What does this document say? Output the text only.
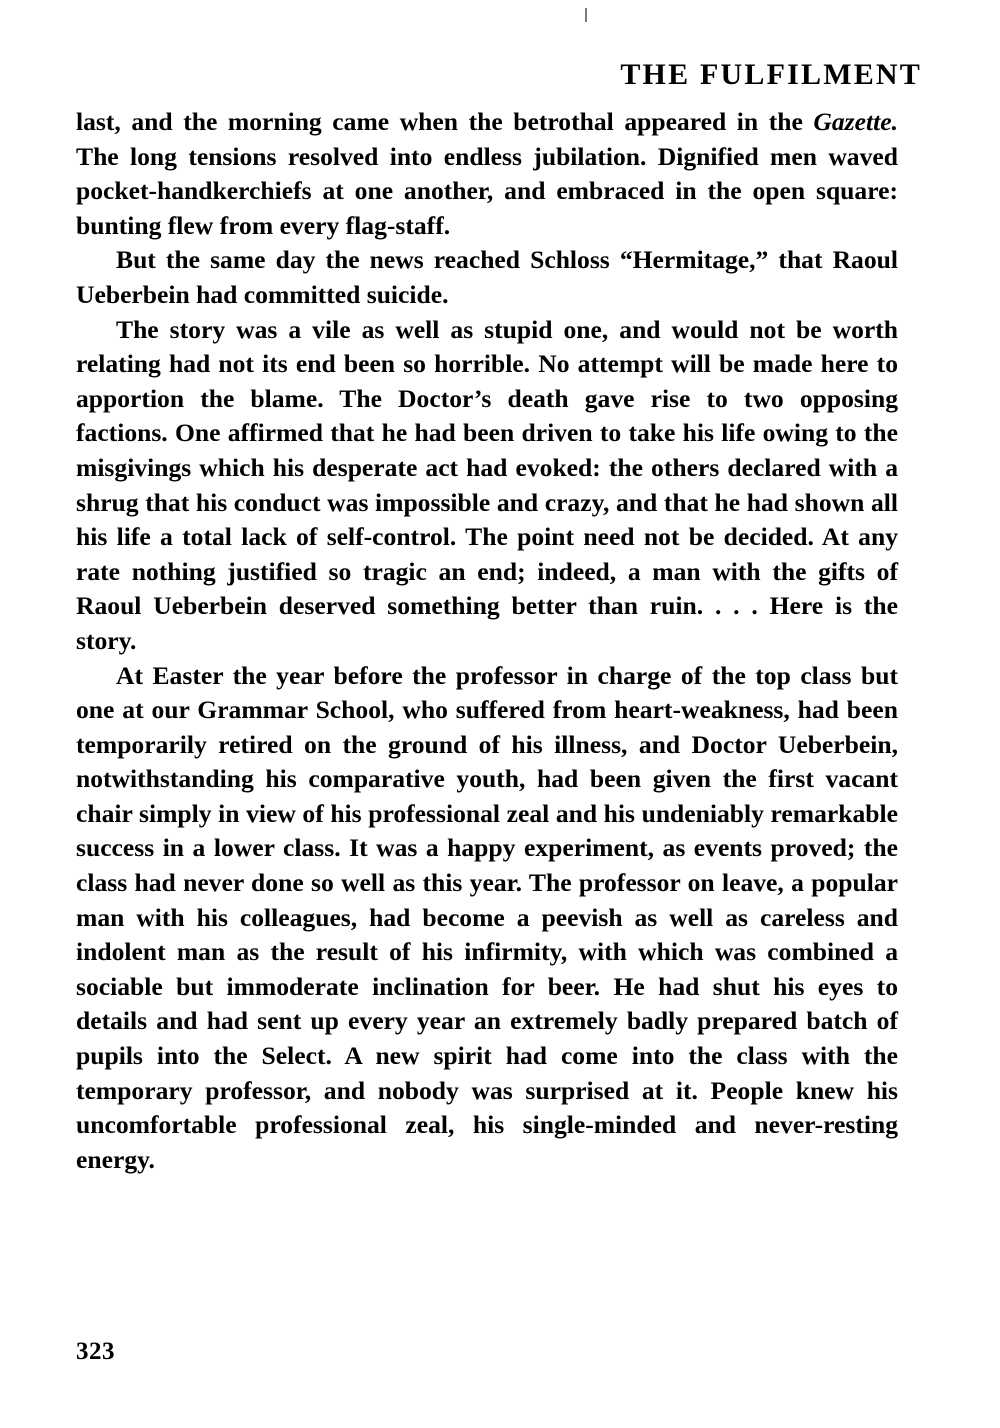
THE FULFILMENT

last, and the morning came when the betrothal appeared in the Gazette. The long tensions resolved into endless jubilation. Dignified men waved pocket-handkerchiefs at one another, and embraced in the open square: bunting flew from every flag-staff.

But the same day the news reached Schloss “Hermitage,” that Raoul Ueberbein had committed suicide.

The story was a vile as well as stupid one, and would not be worth relating had not its end been so horrible. No attempt will be made here to apportion the blame. The Doctor’s death gave rise to two opposing factions. One affirmed that he had been driven to take his life owing to the misgivings which his desperate act had evoked: the others declared with a shrug that his conduct was impossible and crazy, and that he had shown all his life a total lack of self-control. The point need not be decided. At any rate nothing justified so tragic an end; indeed, a man with the gifts of Raoul Ueberbein deserved something better than ruin. . . . Here is the story.

At Easter the year before the professor in charge of the top class but one at our Grammar School, who suffered from heart-weakness, had been temporarily retired on the ground of his illness, and Doctor Ueberbein, notwithstanding his comparative youth, had been given the first vacant chair simply in view of his professional zeal and his undeniably remarkable success in a lower class. It was a happy experiment, as events proved; the class had never done so well as this year. The professor on leave, a popular man with his colleagues, had become a peevish as well as careless and indolent man as the result of his infirmity, with which was combined a sociable but immoderate inclination for beer. He had shut his eyes to details and had sent up every year an extremely badly prepared batch of pupils into the Select. A new spirit had come into the class with the temporary professor, and nobody was surprised at it. People knew his uncomfortable professional zeal, his single-minded and never-resting energy.

323
